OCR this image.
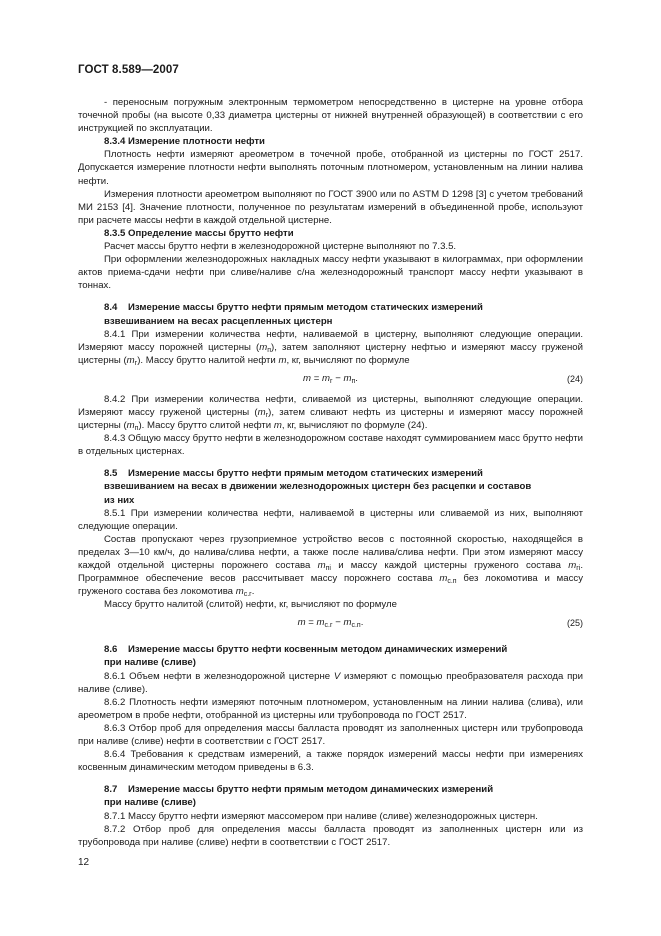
ГОСТ 8.589—2007

- переносным погружным электронным термометром непосредственно в цистерне на уровне отбора точечной пробы (на высоте 0,33 диаметра цистерны от нижней внутренней образующей) в соответствии с его инструкцией по эксплуатации.

8.3.4 Измерение плотности нефти

Плотность нефти измеряют ареометром в точечной пробе, отобранной из цистерны по ГОСТ 2517. Допускается измерение плотности нефти выполнять поточным плотномером, установленным на линии налива нефти.

Измерения плотности ареометром выполняют по ГОСТ 3900 или по ASTM D 1298 [3] с учетом требований МИ 2153 [4]. Значение плотности, полученное по результатам измерений в объединенной пробе, используют при расчете массы нефти в каждой отдельной цистерне.

8.3.5 Определение массы брутто нефти

Расчет массы брутто нефти в железнодорожной цистерне выполняют по 7.3.5.

При оформлении железнодорожных накладных массу нефти указывают в килограммах, при оформлении актов приема-сдачи нефти при сливе/наливе с/на железнодорожный транспорт массу нефти указывают в тоннах.

8.4 Измерение массы брутто нефти прямым методом статических измерений
взвешиванием на весах расцепленных цистерн

8.4.1 При измерении количества нефти, наливаемой в цистерну, выполняют следующие операции. Измеряют массу порожней цистерны $(m_п)$, затем заполняют цистерну нефтью и измеряют массу груженой цистерны $(m_г)$. Массу брутто налитой нефти m, кг, вычисляют по формуле

$m = m_г - m_п$.	(24)

8.4.2 При измерении количества нефти, сливаемой из цистерны, выполняют следующие операции. Измеряют массу груженой цистерны $(m_г)$, затем сливают нефть из цистерны и измеряют массу порожней цистерны $(m_п)$. Массу брутто слитой нефти m, кг, вычисляют по формуле (24).

8.4.3 Общую массу брутто нефти в железнодорожном составе находят суммированием масс брутто нефти в отдельных цистернах.

8.5 Измерение массы брутто нефти прямым методом статических измерений
взвешиванием на весах в движении железнодорожных цистерн без расцепки и составов
из них

8.5.1 При измерении количества нефти, наливаемой в цистерны или сливаемой из них, выполняют следующие операции.

Состав пропускают через грузоприемное устройство весов с постоянной скоростью, находящейся в пределах 3—10 км/ч, до налива/слива нефти, а также после налива/слива нефти. При этом измеряют массу каждой отдельной цистерны порожнего состава $m_{пi}$ и массу каждой цистерны груженого состава $m_{гi}$. Программное обеспечение весов рассчитывает массу порожнего состава $m_{с.п}$ без локомотива и массу груженого состава без локомотива $m_{с.г}$.

Массу брутто налитой (слитой) нефти, кг, вычисляют по формуле

$m = m_{с.г} - m_{с.п}$.	(25)

8.6 Измерение массы брутто нефти косвенным методом динамических измерений
при наливе (сливе)

8.6.1 Объем нефти в железнодорожной цистерне V измеряют с помощью преобразователя расхода при наливе (сливе).

8.6.2 Плотность нефти измеряют поточным плотномером, установленным на линии налива (слива), или ареометром в пробе нефти, отобранной из цистерны или трубопровода по ГОСТ 2517.

8.6.3 Отбор проб для определения массы балласта проводят из заполненных цистерн или трубопровода при наливе (сливе) нефти в соответствии с ГОСТ 2517.

8.6.4 Требования к средствам измерений, а также порядок измерений массы нефти при измерениях косвенным динамическим методом приведены в 6.3.

8.7 Измерение массы брутто нефти прямым методом динамических измерений
при наливе (сливе)

8.7.1 Массу брутто нефти измеряют массомером при наливе (сливе) железнодорожных цистерн.

8.7.2 Отбор проб для определения массы балласта проводят из заполненных цистерн или из трубопровода при наливе (сливе) нефти в соответствии с ГОСТ 2517.

12
